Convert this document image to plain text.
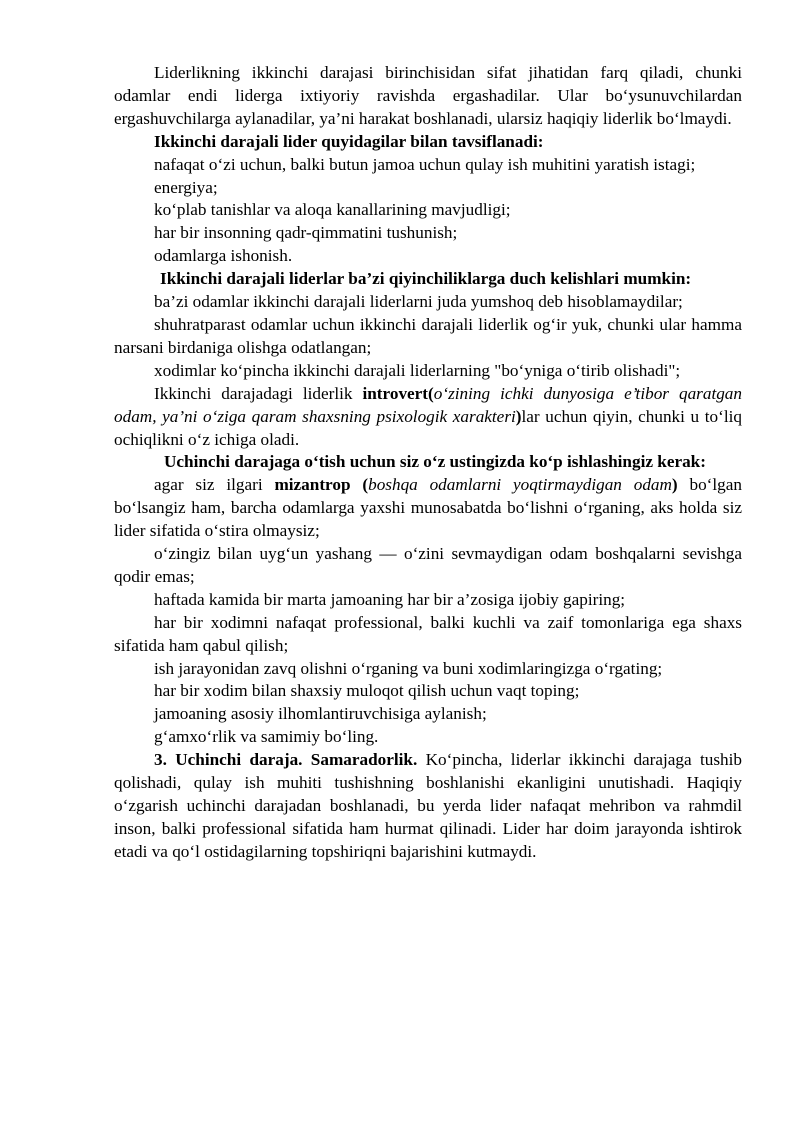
Liderlikning ikkinchi darajasi birinchisidan sifat jihatidan farq qiladi, chunki odamlar endi liderga ixtiyoriy ravishda ergashadilar. Ular bo‘ysunuvchilardan ergashuvchilarga aylanadilar, ya’ni harakat boshlanadi, ularsiz haqiqiy liderlik bo‘lmaydi.

Ikkinchi darajali lider quyidagilar bilan tavsiflanadi:

nafaqat o‘zi uchun, balki butun jamoa uchun qulay ish muhitini yaratish istagi;

energiya;

ko‘plab tanishlar va aloqa kanallarining mavjudligi;

har bir insonning qadr-qimmatini tushunish;

odamlarga ishonish.

Ikkinchi darajali liderlar ba’zi qiyinchiliklarga duch kelishlari mumkin:

ba’zi odamlar ikkinchi darajali liderlarni juda yumshoq deb hisoblamaydilar;

shuhratparast odamlar uchun ikkinchi darajali liderlik og‘ir yuk, chunki ular hamma narsani birdaniga olishga odatlangan;

xodimlar ko‘pincha ikkinchi darajali liderlarning "bo‘yniga o‘tirib olishadi";

Ikkinchi darajadagi liderlik introvert(o‘zining ichki dunyosiga e’tibor qaratgan odam, ya’ni o‘ziga qaram shaxsning psixologik xarakteri)lar uchun qiyin, chunki u to‘liq ochiqlikni o‘z ichiga oladi.

Uchinchi darajaga o‘tish uchun siz o‘z ustingizda ko‘p ishlashingiz kerak:

agar siz ilgari mizantrop (boshqa odamlarni yoqtirmaydigan odam) bo‘lgan bo‘lsangiz ham, barcha odamlarga yaxshi munosabatda bo‘lishni o‘rganing, aks holda siz lider sifatida o‘stira olmaysiz;

o‘zingiz bilan uyg‘un yashang — o‘zini sevmaydigan odam boshqalarni sevishga qodir emas;

haftada kamida bir marta jamoaning har bir a’zosiga ijobiy gapiring;

har bir xodimni nafaqat professional, balki kuchli va zaif tomonlariga ega shaxs sifatida ham qabul qilish;

ish jarayonidan zavq olishni o‘rganing va buni xodimlaringizga o‘rgating;

har bir xodim bilan shaxsiy muloqot qilish uchun vaqt toping;

jamoaning asosiy ilhomlantiruvchisiga aylanish;

g‘amxo‘rlik va samimiy bo‘ling.

3. Uchinchi daraja. Samaradorlik. Ko‘pincha, liderlar ikkinchi darajaga tushib qolishadi, qulay ish muhiti tushishning boshlanishi ekanligini unutishadi. Haqiqiy o‘zgarish uchinchi darajadan boshlanadi, bu yerda lider nafaqat mehribon va rahmdil inson, balki professional sifatida ham hurmat qilinadi. Lider har doim jarayonda ishtirok etadi va qo‘l ostidagilarning topshiriqni bajarishini kutmaydi.
